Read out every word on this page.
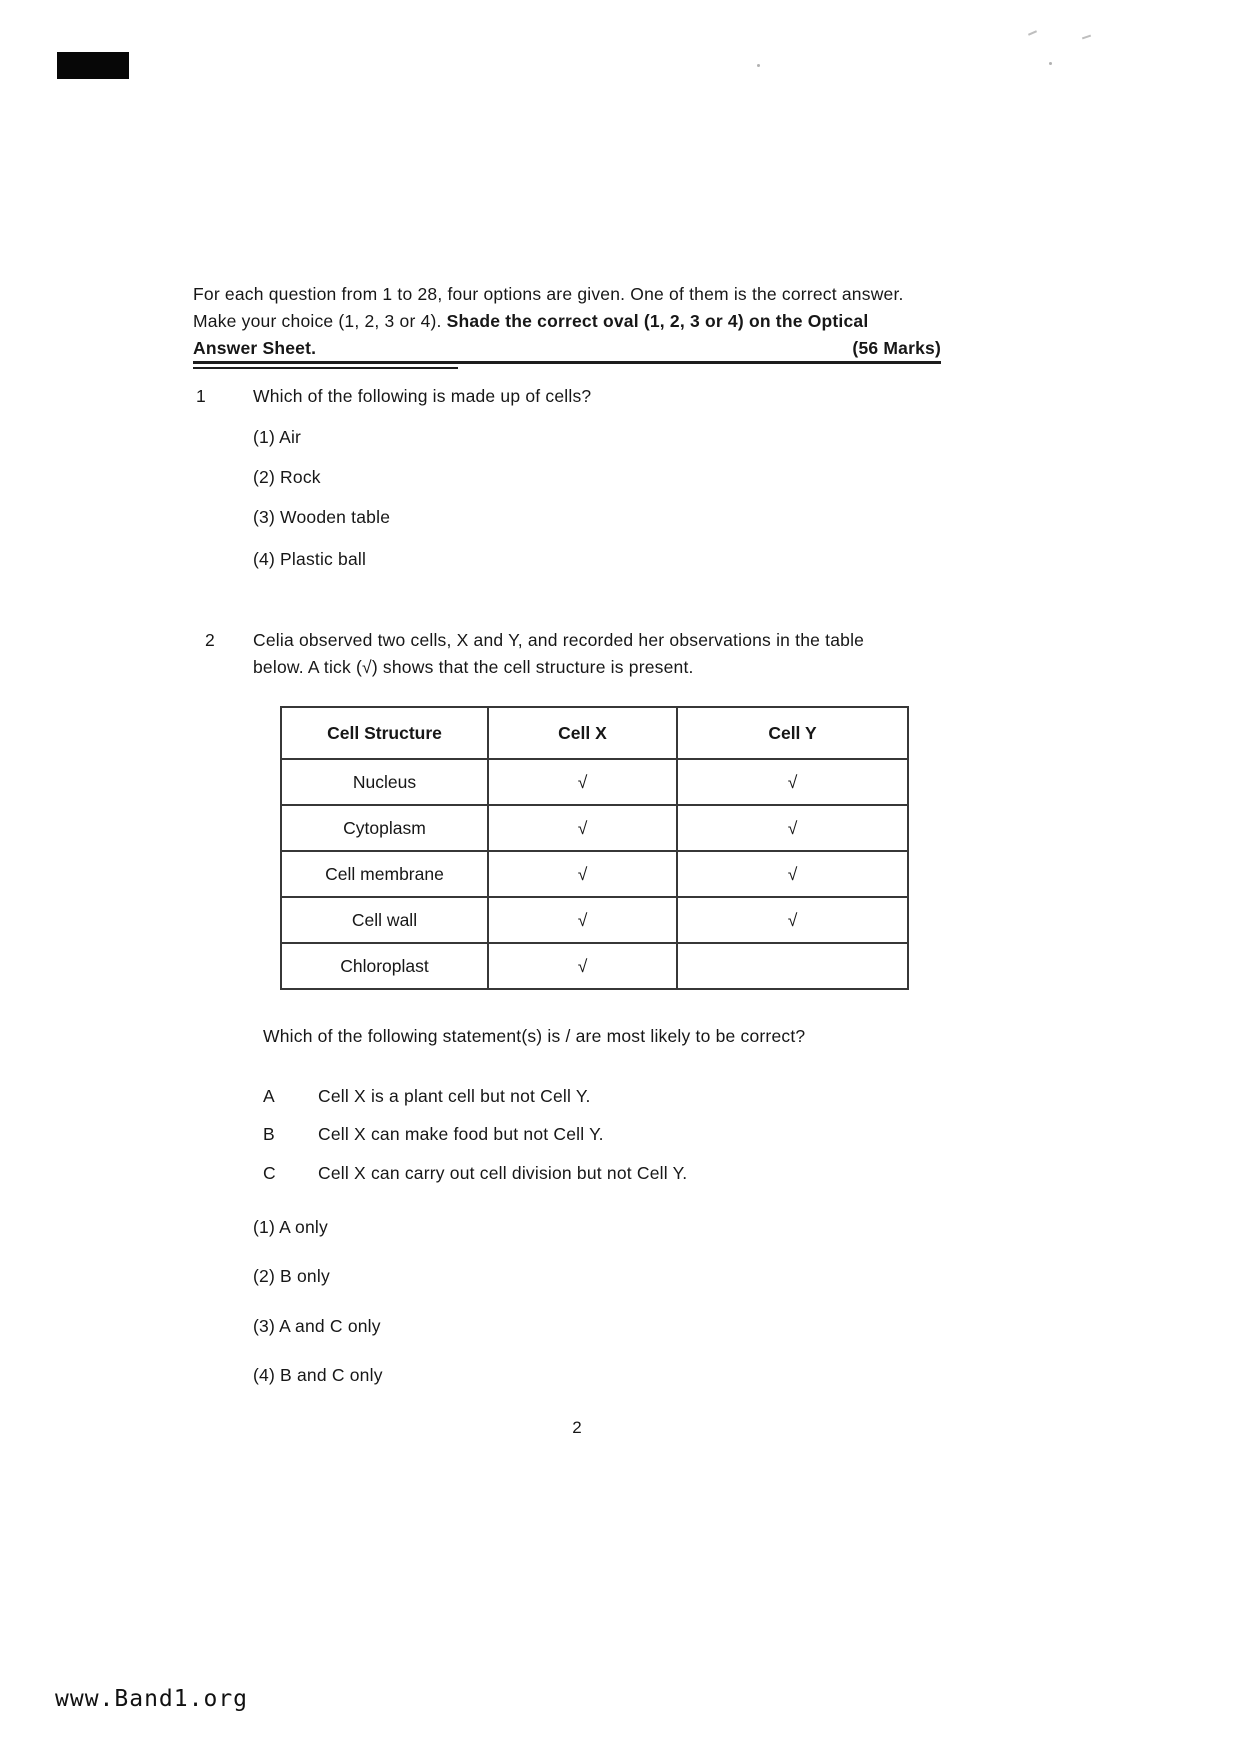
For each question from 1 to 28, four options are given. One of them is the correct answer.
Make your choice (1, 2, 3 or 4). Shade the correct oval (1, 2, 3 or 4) on the Optical
Answer Sheet.	(56 Marks)
1	Which of the following is made up of cells?
(1) Air
(2) Rock
(3) Wooden table
(4) Plastic ball
2 Celia observed two cells, X and Y, and recorded her observations in the table
below. A tick (√) shows that the cell structure is present.
Cell Structure	Cell X	Cell Y
Nucleus	√	√
Cytoplasm	√	√
Cell membrane	√	√
Cell wall	√	√
Chloroplast	√	
Which of the following statement(s) is / are most likely to be correct?
A	Cell X is a plant cell but not Cell Y.
B	Cell X can make food but not Cell Y.
C	Cell X can carry out cell division but not Cell Y.
(1) A only
(2) B only
(3) A and C only
(4) B and C only
2
www.Band1.org
